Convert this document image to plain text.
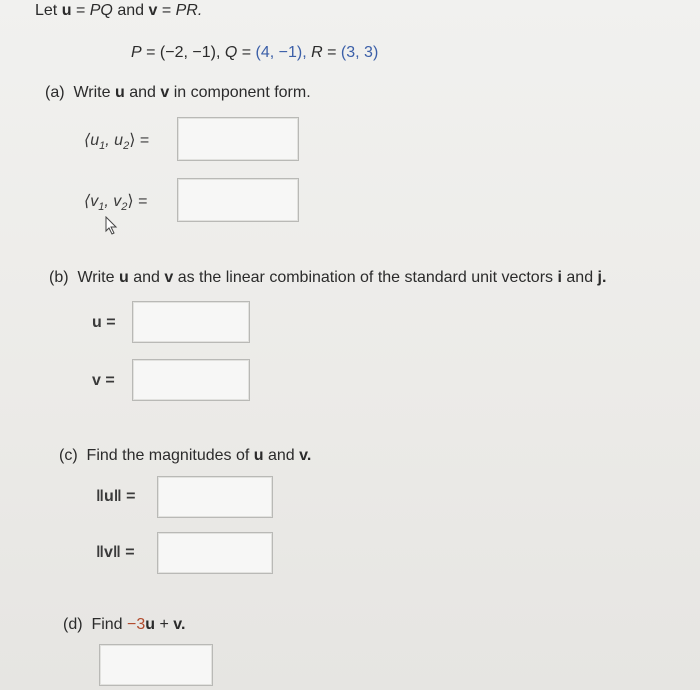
Let u = PQ and v = PR.
P = (−2, −1), Q = (4, −1), R = (3, 3)
(a) Write u and v in component form.
$⟨u_1$, $u_2⟩$ =
$⟨v_1$, $v_2⟩$ =
(b) Write u and v as the linear combination of the standard unit vectors i and j.
u =
v =
(c) Find the magnitudes of u and v.
‖u‖ =
‖v‖ =
(d) Find −3u + v.
